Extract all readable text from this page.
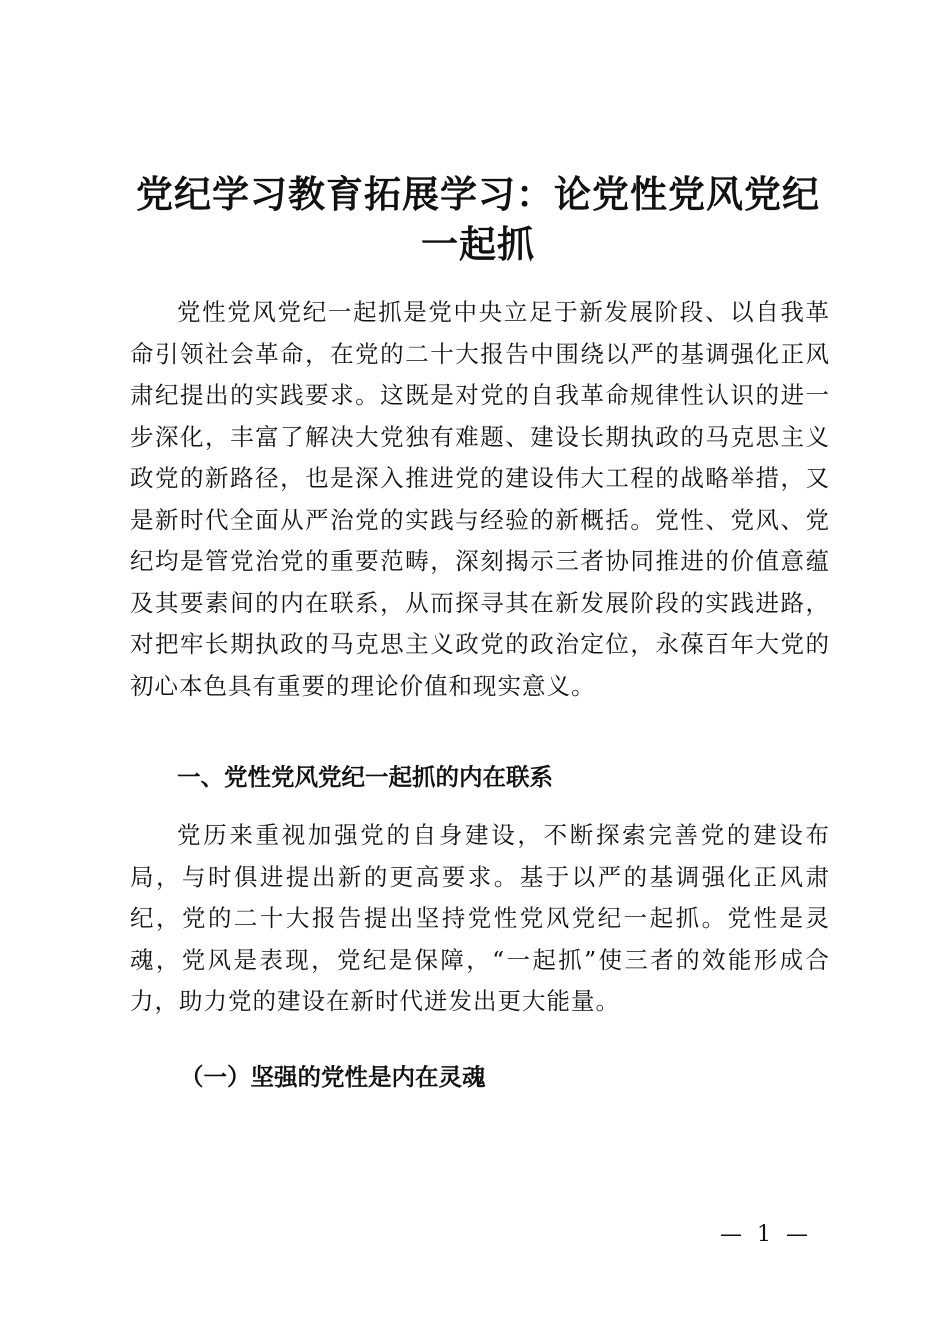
党纪学习教育拓展学习：论党性党风党纪一起抓

党性党风党纪一起抓是党中央立足于新发展阶段、以自我革命引领社会革命，在党的二十大报告中围绕以严的基调强化正风肃纪提出的实践要求。这既是对党的自我革命规律性认识的进一步深化，丰富了解决大党独有难题、建设长期执政的马克思主义政党的新路径，也是深入推进党的建设伟大工程的战略举措，又是新时代全面从严治党的实践与经验的新概括。党性、党风、党纪均是管党治党的重要范畴，深刻揭示三者协同推进的价值意蕴及其要素间的内在联系，从而探寻其在新发展阶段的实践进路，对把牢长期执政的马克思主义政党的政治定位，永葆百年大党的初心本色具有重要的理论价值和现实意义。

一、党性党风党纪一起抓的内在联系

党历来重视加强党的自身建设，不断探索完善党的建设布局，与时俱进提出新的更高要求。基于以严的基调强化正风肃纪，党的二十大报告提出坚持党性党风党纪一起抓。党性是灵魂，党风是表现，党纪是保障，“一起抓”使三者的效能形成合力，助力党的建设在新时代迸发出更大能量。

（一）坚强的党性是内在灵魂
— 1 —
